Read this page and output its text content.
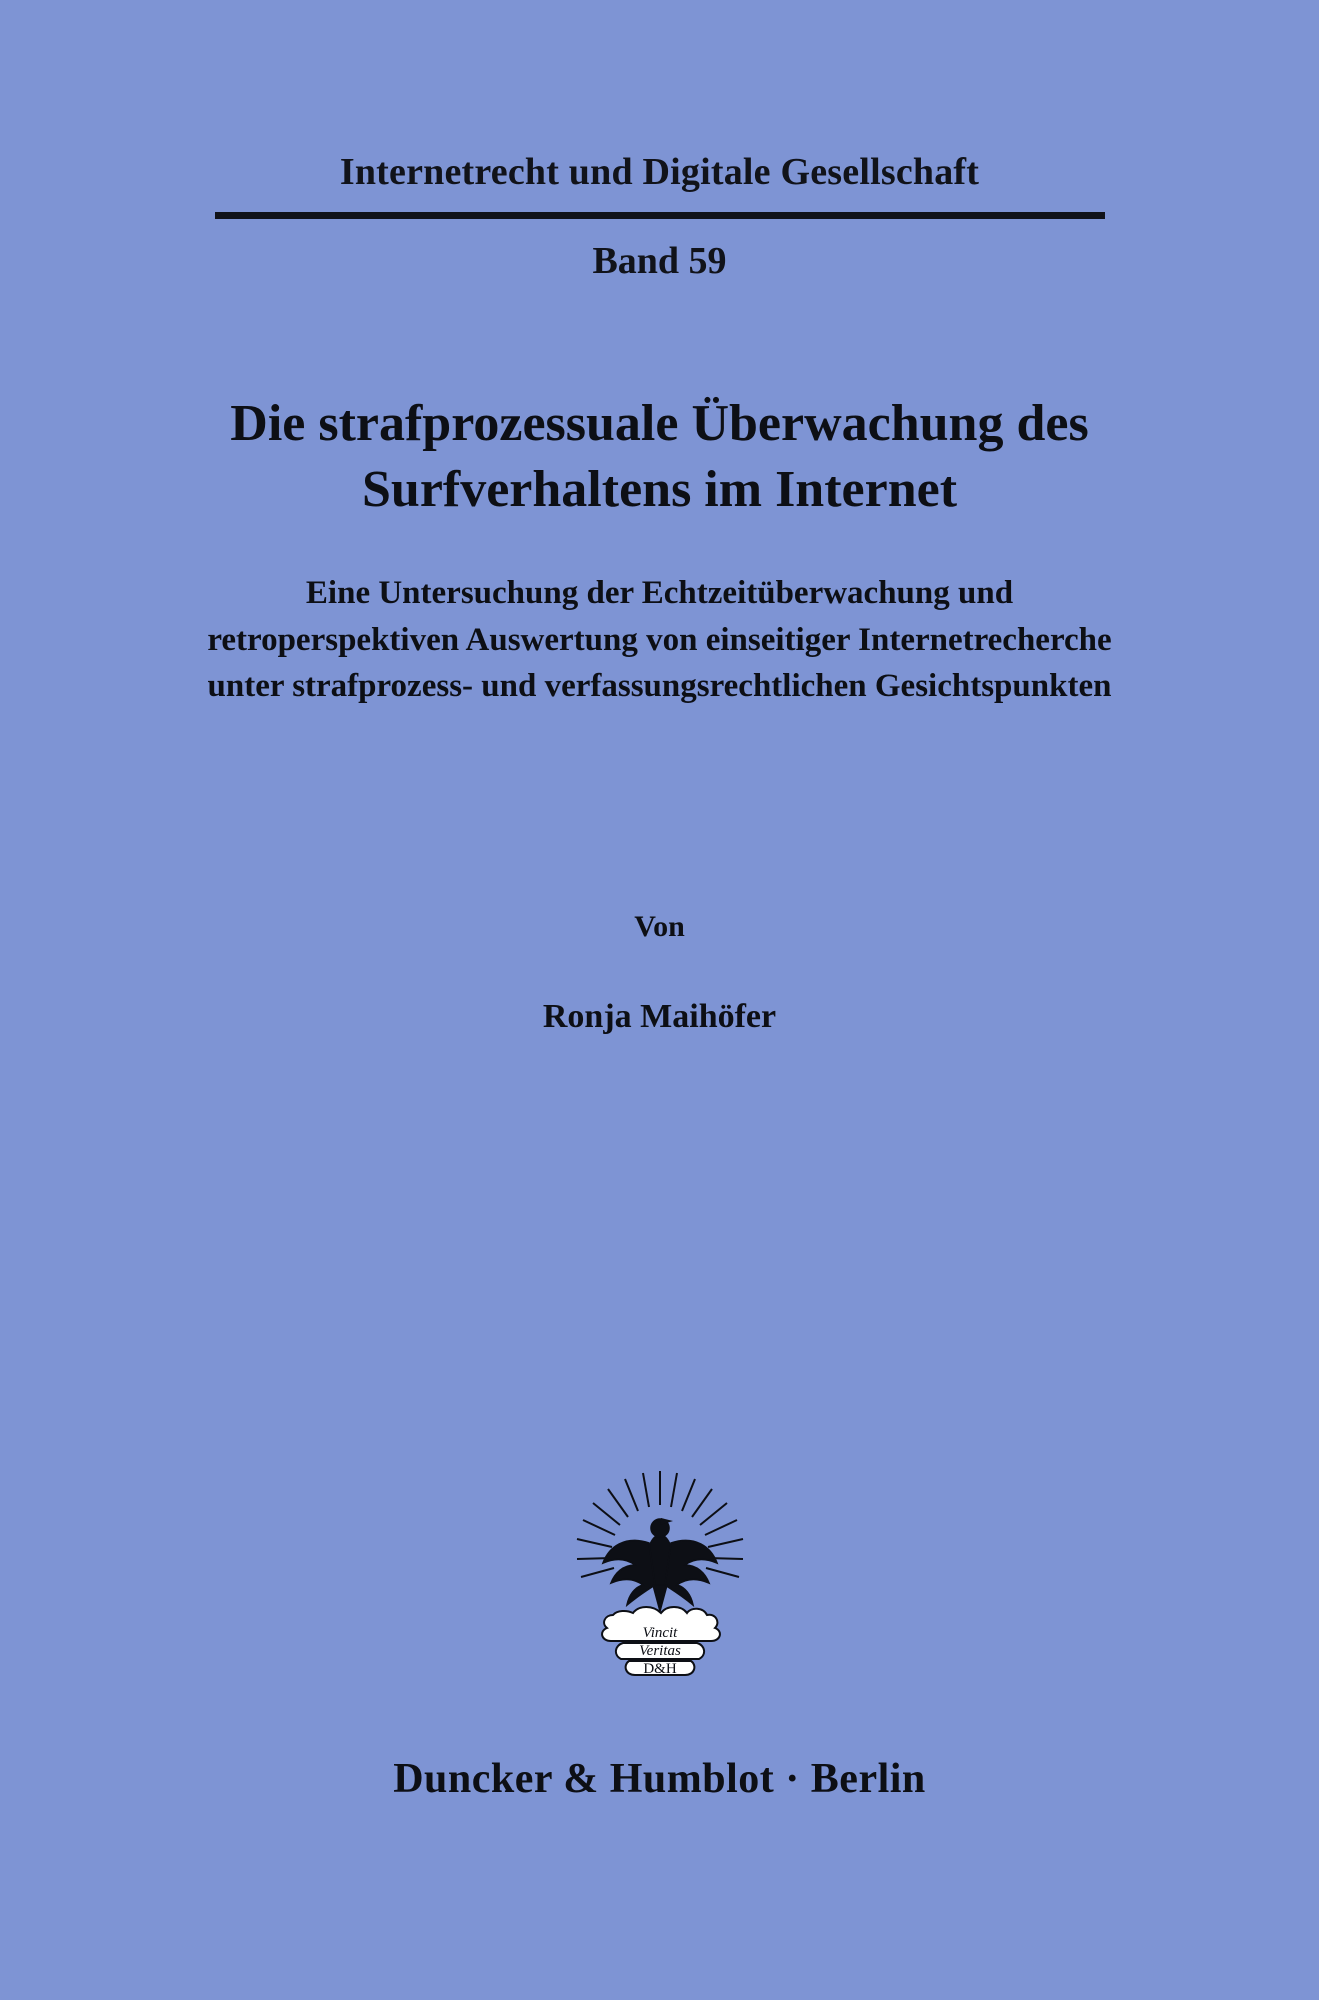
Internetrecht und Digitale Gesellschaft
Band 59
Die strafprozessuale Überwachung des Surfverhaltens im Internet
Eine Untersuchung der Echtzeitüberwachung und retroperspektiven Auswertung von einseitiger Internetrecherche unter strafprozess- und verfassungsrechtlichen Gesichtspunkten
Von
Ronja Maihöfer
Vincit
Veritas
D&H
Duncker & Humblot · Berlin
